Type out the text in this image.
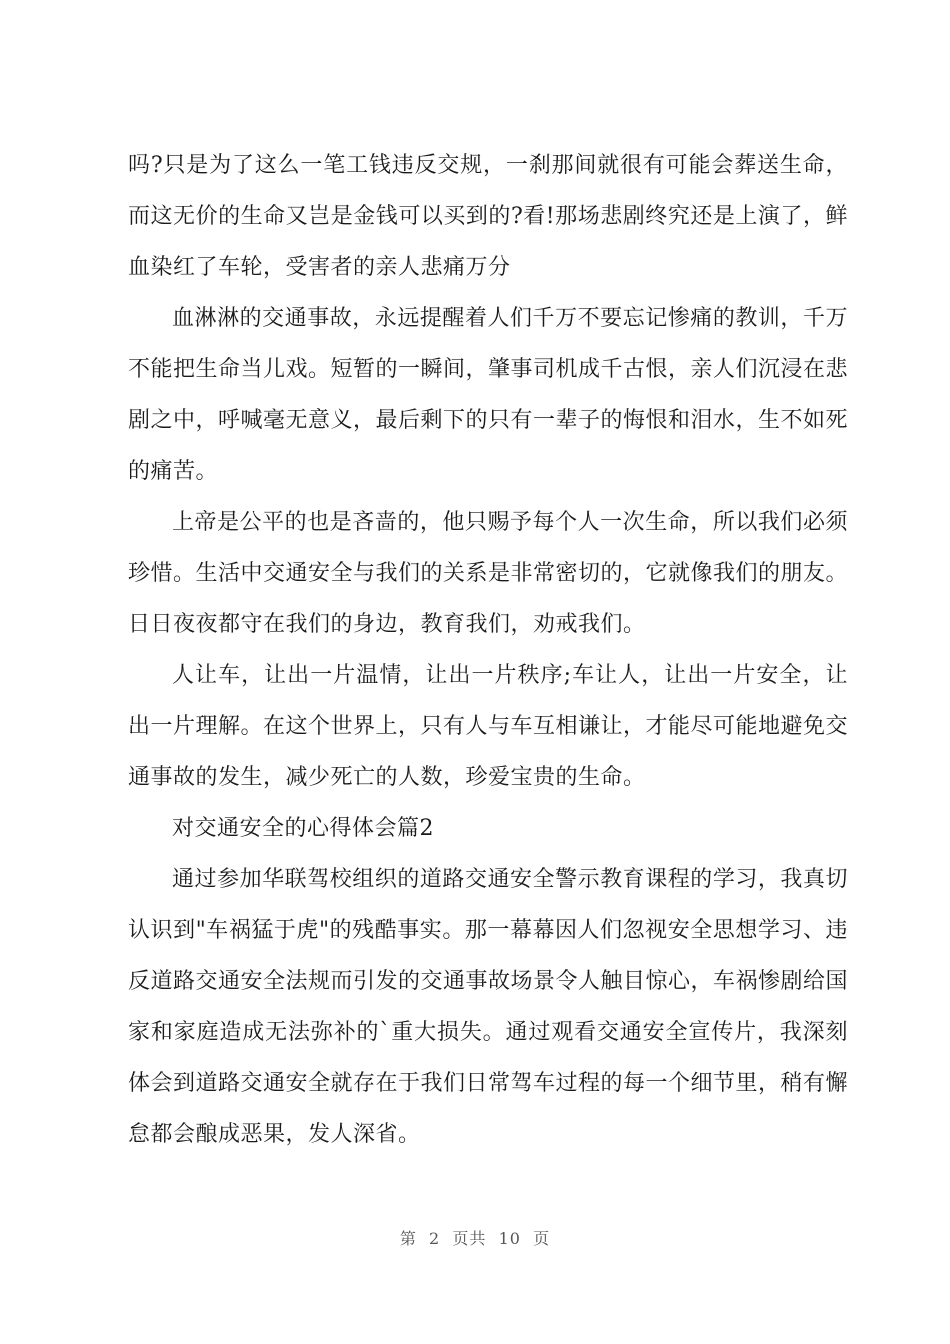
吗?只是为了这么一笔工钱违反交规，一刹那间就很有可能会葬送生命，而这无价的生命又岂是金钱可以买到的?看!那场悲剧终究还是上演了，鲜血染红了车轮，受害者的亲人悲痛万分

血淋淋的交通事故，永远提醒着人们千万不要忘记惨痛的教训，千万不能把生命当儿戏。短暂的一瞬间，肇事司机成千古恨，亲人们沉浸在悲剧之中，呼喊毫无意义，最后剩下的只有一辈子的悔恨和泪水，生不如死的痛苦。

上帝是公平的也是吝啬的，他只赐予每个人一次生命，所以我们必须珍惜。生活中交通安全与我们的关系是非常密切的，它就像我们的朋友。日日夜夜都守在我们的身边，教育我们，劝戒我们。

人让车，让出一片温情，让出一片秩序;车让人，让出一片安全，让出一片理解。在这个世界上，只有人与车互相谦让，才能尽可能地避免交通事故的发生，减少死亡的人数，珍爱宝贵的生命。

对交通安全的心得体会篇2

通过参加华联驾校组织的道路交通安全警示教育课程的学习，我真切认识到"车祸猛于虎"的残酷事实。那一幕幕因人们忽视安全思想学习、违反道路交通安全法规而引发的交通事故场景令人触目惊心，车祸惨剧给国家和家庭造成无法弥补的`重大损失。通过观看交通安全宣传片，我深刻体会到道路交通安全就存在于我们日常驾车过程的每一个细节里，稍有懈怠都会酿成恶果，发人深省。

第  2  页共  10  页
